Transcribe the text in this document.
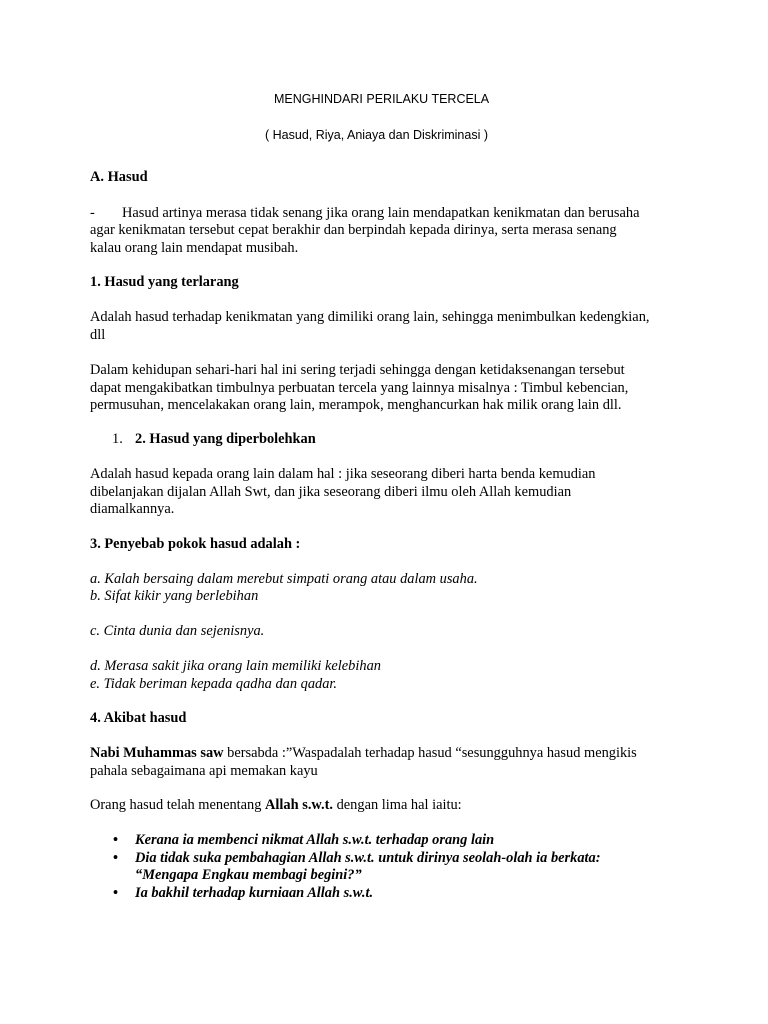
MENGHINDARI PERILAKU TERCELA
( Hasud, Riya, Aniaya dan Diskriminasi )
A. Hasud
- Hasud artinya merasa tidak senang jika orang lain mendapatkan kenikmatan dan berusaha
agar kenikmatan tersebut cepat berakhir dan berpindah kepada dirinya, serta merasa senang
kalau orang lain mendapat musibah.
1. Hasud yang terlarang
Adalah hasud terhadap kenikmatan yang dimiliki orang lain, sehingga menimbulkan kedengkian,
dll
Dalam kehidupan sehari-hari hal ini sering terjadi sehingga dengan ketidaksenangan tersebut
dapat mengakibatkan timbulnya perbuatan tercela yang lainnya misalnya : Timbul kebencian,
permusuhan, mencelakakan orang lain, merampok, menghancurkan hak milik orang lain dll.
1. 2. Hasud yang diperbolehkan
Adalah hasud kepada orang lain dalam hal : jika seseorang diberi harta benda kemudian
dibelanjakan dijalan Allah Swt, dan jika seseorang diberi ilmu oleh Allah kemudian
diamalkannya.
3. Penyebab pokok hasud adalah :
a. Kalah bersaing dalam merebut simpati orang atau dalam usaha.
b. Sifat kikir yang berlebihan
c. Cinta dunia dan sejenisnya.
d. Merasa sakit jika orang lain memiliki kelebihan
e. Tidak beriman kepada qadha dan qadar.
4. Akibat hasud
Nabi Muhammas saw bersabda :”Waspadalah terhadap hasud “sesungguhnya hasud mengikis
pahala sebagaimana api memakan kayu
Orang hasud telah menentang Allah s.w.t. dengan lima hal iaitu:
• Kerana ia membenci nikmat Allah s.w.t. terhadap orang lain
• Dia tidak suka pembahagian Allah s.w.t. untuk dirinya seolah-olah ia berkata:
“Mengapa Engkau membagi begini?”
• Ia bakhil terhadap kurniaan Allah s.w.t.
